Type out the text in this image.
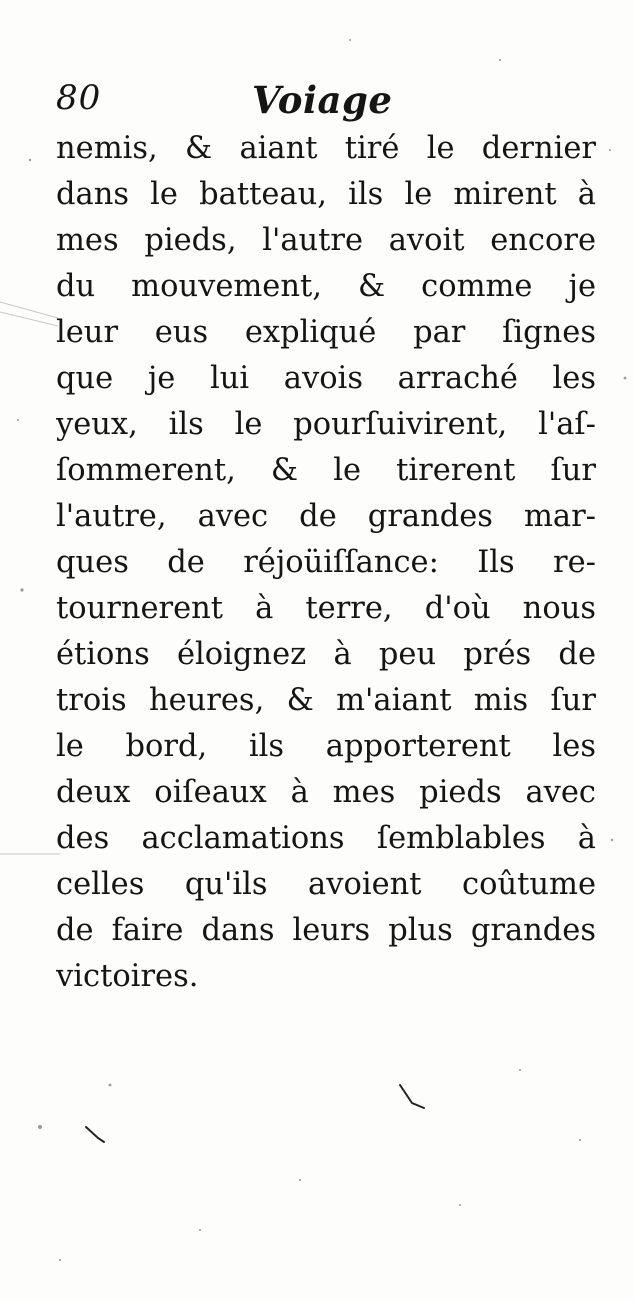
80	Voiage
nemis, & aiant tiré le dernier
dans le batteau, ils le mirent à
mes pieds, l'autre avoit encore
du mouvement, & comme je
leur eus expliqué par ſignes
que je lui avois arraché les
yeux, ils le pourſuivirent, l'aſ-
ſommerent, & le tirerent ſur
l'autre, avec de grandes mar-
ques de réjoüiſſance: Ils re-
tournerent à terre, d'où nous
étions éloignez à peu prés de
trois heures, & m'aiant mis ſur
le bord, ils apporterent les
deux oiſeaux à mes pieds avec
des acclamations ſemblables à
celles qu'ils avoient coûtume
de faire dans leurs plus grandes
victoires.
